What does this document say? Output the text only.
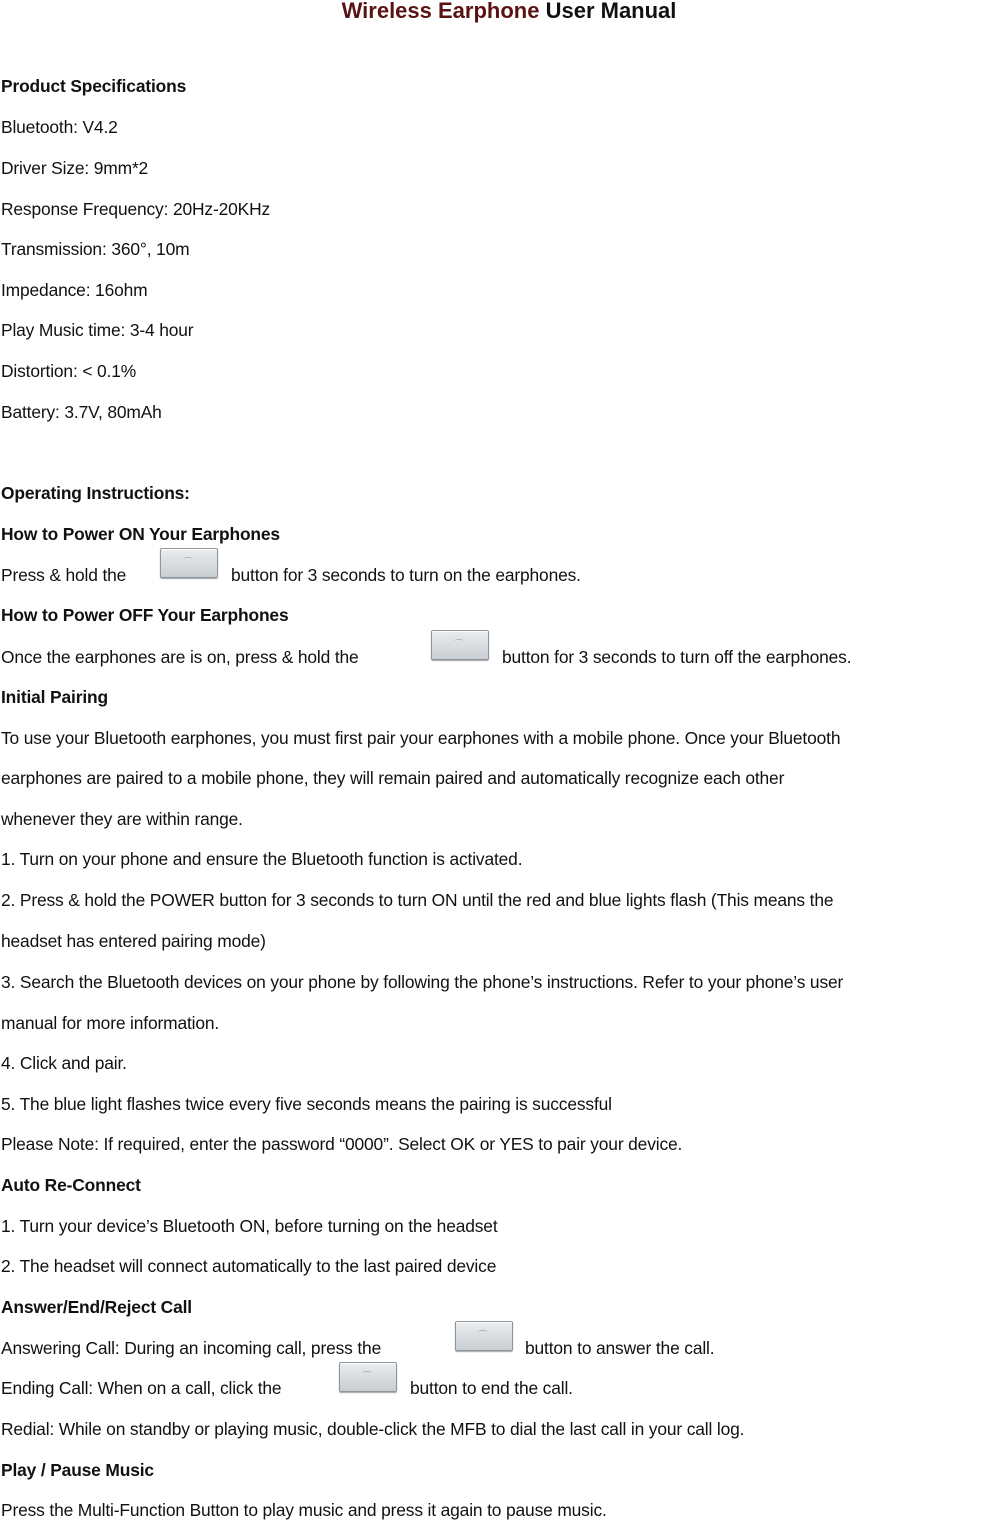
Wireless Earphone User Manual
Product Specifications
Bluetooth: V4.2
Driver Size: 9mm*2
Response Frequency: 20Hz-20KHz
Transmission: 360°, 10m
Impedance: 16ohm
Play Music time: 3-4 hour
Distortion: < 0.1%
Battery: 3.7V, 80mAh
Operating Instructions:
How to Power ON Your Earphones
Press & hold the
⌒
button for 3 seconds to turn on the earphones.
How to Power OFF Your Earphones
Once the earphones are is on, press & hold the
⌒
button for 3 seconds to turn off the earphones.
Initial Pairing
To use your Bluetooth earphones, you must first pair your earphones with a mobile phone. Once your Bluetooth
earphones are paired to a mobile phone, they will remain paired and automatically recognize each other
whenever they are within range.
1. Turn on your phone and ensure the Bluetooth function is activated.
2. Press & hold the POWER button for 3 seconds to turn ON until the red and blue lights flash (This means the
headset has entered pairing mode)
3. Search the Bluetooth devices on your phone by following the phone’s instructions. Refer to your phone’s user
manual for more information.
4. Click and pair.
5. The blue light flashes twice every five seconds means the pairing is successful
Please Note: If required, enter the password “0000”. Select OK or YES to pair your device.
Auto Re-Connect
1. Turn your device’s Bluetooth ON, before turning on the headset
2. The headset will connect automatically to the last paired device
Answer/End/Reject Call
Answering Call: During an incoming call, press the
⌒
button to answer the call.
Ending Call: When on a call, click the
⌒
button to end the call.
Redial: While on standby or playing music, double-click the MFB to dial the last call in your call log.
Play / Pause Music
Press the Multi-Function Button to play music and press it again to pause music.
